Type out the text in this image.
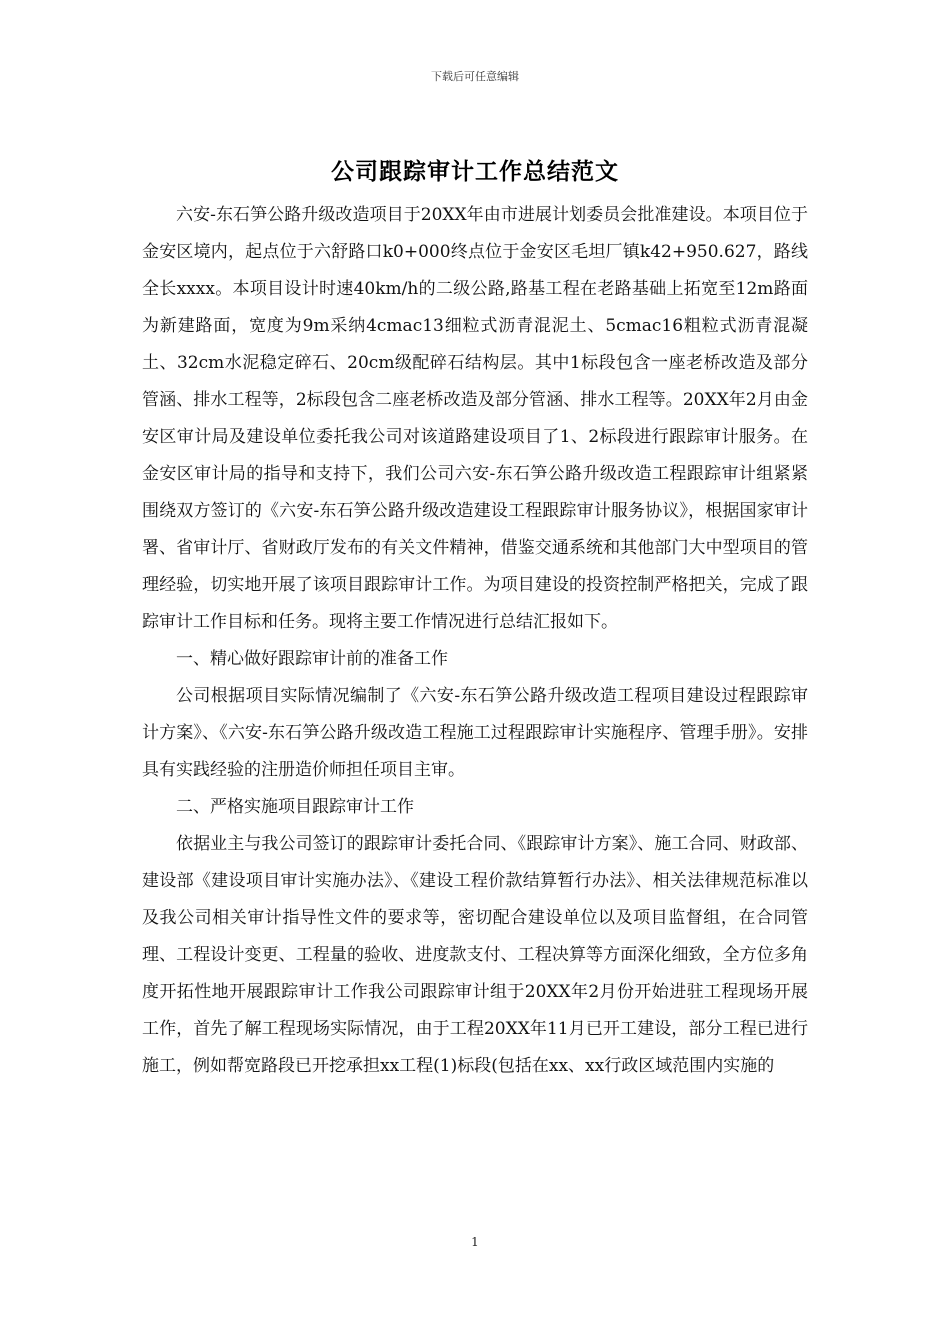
下载后可任意编辑
公司跟踪审计工作总结范文

六安-东石笋公路升级改造项目于20XX年由市进展计划委员会批准建设。本项目位于金安区境内，起点位于六舒路口k0+000终点位于金安区毛坦厂镇k42+950.627，路线全长xxxx。本项目设计时速40km/h的二级公路,路基工程在老路基础上拓宽至12m路面为新建路面，宽度为9m采纳4cmac13细粒式沥青混泥土、5cmac16粗粒式沥青混凝土、32cm水泥稳定碎石、20cm级配碎石结构层。其中1标段包含一座老桥改造及部分管涵、排水工程等，2标段包含二座老桥改造及部分管涵、排水工程等。20XX年2月由金安区审计局及建设单位委托我公司对该道路建设项目了1、2标段进行跟踪审计服务。在金安区审计局的指导和支持下，我们公司六安-东石笋公路升级改造工程跟踪审计组紧紧围绕双方签订的《六安-东石笋公路升级改造建设工程跟踪审计服务协议》，根据国家审计署、省审计厅、省财政厅发布的有关文件精神，借鉴交通系统和其他部门大中型项目的管理经验，切实地开展了该项目跟踪审计工作。为项目建设的投资控制严格把关，完成了跟踪审计工作目标和任务。现将主要工作情况进行总结汇报如下。

一、精心做好跟踪审计前的准备工作

公司根据项目实际情况编制了《六安-东石笋公路升级改造工程项目建设过程跟踪审计方案》、《六安-东石笋公路升级改造工程施工过程跟踪审计实施程序、管理手册》。安排具有实践经验的注册造价师担任项目主审。

二、严格实施项目跟踪审计工作

依据业主与我公司签订的跟踪审计委托合同、《跟踪审计方案》、施工合同、财政部、建设部《建设项目审计实施办法》、《建设工程价款结算暂行办法》、相关法律规范标准以及我公司相关审计指导性文件的要求等，密切配合建设单位以及项目监督组，在合同管理、工程设计变更、工程量的验收、进度款支付、工程决算等方面深化细致，全方位多角度开拓性地开展跟踪审计工作我公司跟踪审计组于20XX年2月份开始进驻工程现场开展工作，首先了解工程现场实际情况，由于工程20XX年11月已开工建设，部分工程已进行施工，例如帮宽路段已开挖承担xx工程(1)标段(包括在xx、xx行政区域范围内实施的

1
